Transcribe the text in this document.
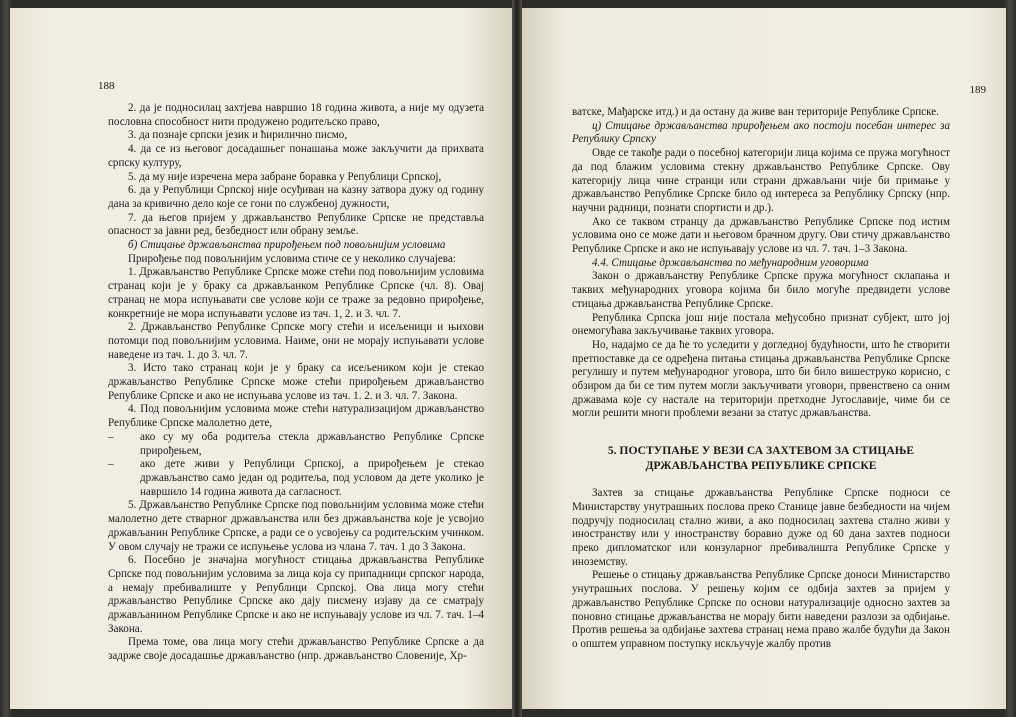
188

2. да је подносилац захтјева навршио 18 година живота, а није му одузета пословна способност нити продужено родитељско право,

3. да познаје српски језик и ћирилично писмо,

4. да се из његовог досадашњег понашања може закључити да прихвата српску културу,

5. да му није изречена мера забране боравка у Републици Српској,

6. да у Републици Српској није осуђиван на казну затвора дужу од годину дана за кривично дело које се гони по службеној дужности,

7. да његов пријем у држављанство Републике Српске не представља опасност за јавни ред, безбедност или обрану земље.

б) Стицање држављанства прирођењем под повољнијим условима

Прирођење под повољнијим условима стиче се у неколико случајева:

1. Држављанство Републике Српске може стећи под повољнијим условима странац који је у браку са држављанком Републике Српске (чл. 8). Овај странац не мора испуњавати све услове који се траже за редовно прирођење, конкретније не мора испуњавати услове из тач. 1, 2. и 3. чл. 7.

2. Држављанство Републике Српске могу стећи и исељеници и њихови потомци под повољнијим условима. Наиме, они не морају испуњавати услове наведене из тач. 1. до 3. чл. 7.

3. Исто тако странац који је у браку са исељеником који је стекао држављанство Републике Српске може стећи прирођењем држављанство Републике Српске и ако не испуњава услове из тач. 1. 2. и 3. чл. 7. Закона.

4. Под повољнијим условима може стећи натурализацијом држављанство Републике Српске малолетно дете,

– ако су му оба родитеља стекла држављанство Републике Српске прирођењем,
– ако дете живи у Републици Српској, а прирођењем је стекао држављанство само један од родитеља, под условом да дете уколико је навршило 14 година живота да сагласност.

5. Држављанство Републике Српске под повољнијим условима може стећи малолетно дете стварног држављанства или без држављанства које је усвојио држављанин Републике Српске, а ради се о усвојењу са родитељским учинком. У овом случају не тражи се испуњење услова из члана 7. тач. 1 до 3 Закона.

6. Посебно је значајна могућност стицања држављанства Републике Српске под повољнијим условима за лица која су припадници српског народа, а немају пребивалиште у Републици Српској. Ова лица могу стећи држављанство Републике Српске ако дају писмену изјаву да се сматрају држављанином Републике Српске и ако не испуњавају услове из чл. 7. тач. 1–4 Закона.

Према томе, ова лица могу стећи држављанство Републике Српске а да задрже своје досадашње држављанство (нпр. држављанство Словеније, Хр-

189

ватске, Мађарске итд.) и да остану да живе ван територије Републике Српске.

ц) Стицање држављанства прирођењем ако постоји посебан интерес за Републику Српску

Овде се такође ради о посебној категорији лица којима се пружа могућност да под блажим условима стекну држављанство Републике Српске. Ову категорију лица чине странци или страни држављани чије би примање у држављанство Републике Српске било од интереса за Републику Српску (нпр. научни радници, познати спортисти и др.).

Ако се таквом странцу да држављанство Републике Српске под истим условима оно се може дати и његовом брачном другу. Ови стичу држављанство Републике Српске и ако не испуњавају услове из чл. 7. тач. 1–3 Закона.

4.4. Стицање држављанства по међународним уговорима

Закон о држављанству Републике Српске пружа могућност склапања и таквих међународних уговора којима би било могуће предвидети услове стицања држављанства Републике Српске.

Република Српска још није постала међусобно признат субјект, што јој онемогућава закључивање таквих уговора.

Но, надајмо се да ће то уследити у догледној будућности, што ће створити претпоставке да се одређена питања стицања држављанства Републике Српске регулишу и путем међународног уговора, што би било вишеструко корисно, с обзиром да би се тим путем могли закључивати уговори, првенствено са оним државама које су настале на територији претходне Југославије, чиме би се могли решити многи проблеми везани за статус држављанства.

5. ПОСТУПАЊЕ У ВЕЗИ СА ЗАХТЕВОМ ЗА СТИЦАЊЕ ДРЖАВЉАНСТВА РЕПУБЛИКЕ СРПСКЕ

Захтев за стицање држављанства Републике Српске подноси се Министарству унутрашњих послова преко Станице јавне безбедности на чијем подручју подносилац стално живи, а ако подносилац захтева стално живи у иностранству или у иностранству боравио дуже од 60 дана захтев подноси преко дипломатског или конзуларног пребивалишта Републике Српске у иноземству.

Решење о стицању држављанства Републике Српске доноси Министарство унутрашњих послова. У решењу којим се одбија захтев за пријем у држављанство Републике Српске по основи натурализације односно захтев за поновно стицање држављанства не морају бити наведени разлози за одбијање. Против решења за одбијање захтева странац нема право жалбе будући да Закон о општем управном поступку искључује жалбу против
